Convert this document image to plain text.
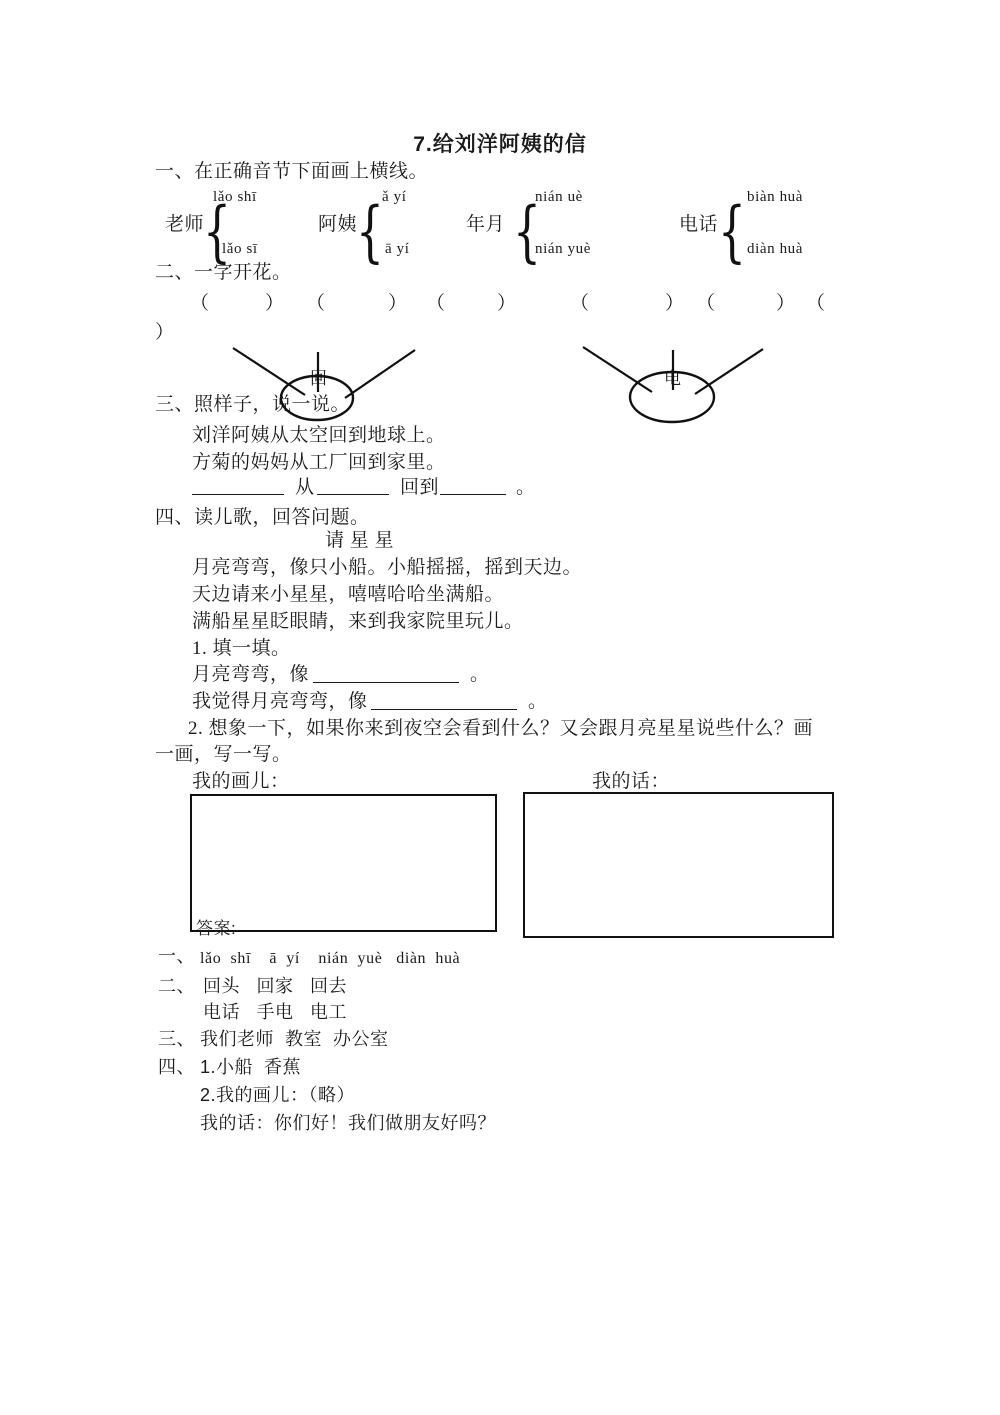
7.给刘洋阿姨的信
一、在正确音节下面画上横线。
lǎo shī
老师
{
lǎo sī
ǎ yí
阿姨
{ ā yí
nián uè
年月 {
nián yuè
biàn huà
电话 { diàn huà
二、一字开花。
（	） （	） （	）	（	） （	） （
）
回	电
三、照样子，说一说。
刘洋阿姨从太空回到地球上。
方菊的妈妈从工厂回到家里。
从	回到	。
四、读儿歌，回答问题。
请 星 星
月亮弯弯，像只小船。小船摇摇，摇到天边。
天边请来小星星，嘻嘻哈哈坐满船。
满船星星眨眼睛，来到我家院里玩儿。
1. 填一填。
月亮弯弯，像	。
我觉得月亮弯弯，像	。
2. 想象一下，如果你来到夜空会看到什么？又会跟月亮星星说些什么？画
一画，写一写。
我的画儿：	我的话：
答案:
一、 lǎo  shī    ā  yí    nián  yuè   diàn  huà
二、 回头   回家   回去
电话   手电   电工
三、 我们老师  教室  办公室
四、 1.小船  香蕉
2.我的画儿：（略）
我的话：你们好！我们做朋友好吗？
